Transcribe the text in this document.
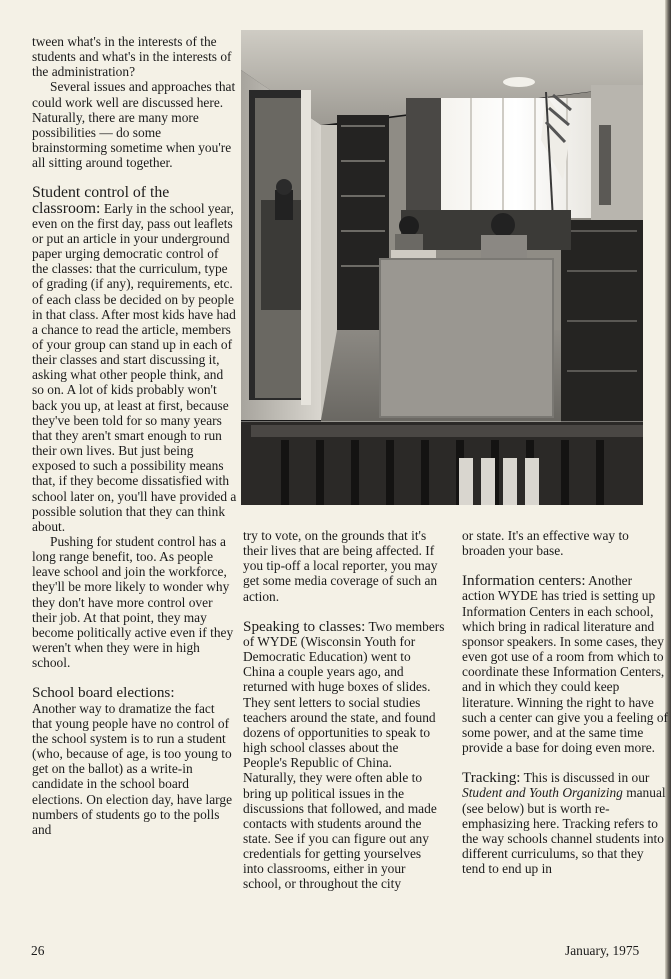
tween what's in the interests of the students and what's in the interests of the administration?

Several issues and approaches that could work well are discussed here. Naturally, there are many more possibilities — do some brainstorming sometime when you're all sitting around together.

Student control of the classroom: Early in the school year, even on the first day, pass out leaflets or put an article in your underground paper urging democratic control of the classes: that the curriculum, type of grading (if any), requirements, etc. of each class be decided on by people in that class. After most kids have had a chance to read the article, members of your group can stand up in each of their classes and start discussing it, asking what other people think, and so on. A lot of kids probably won't back you up, at least at first, because they've been told for so many years that they aren't smart enough to run their own lives. But just being exposed to such a possibility means that, if they become dissatisfied with school later on, you'll have provided a possible solution that they can think about.

Pushing for student control has a long range benefit, too. As people leave school and join the workforce, they'll be more likely to wonder why they don't have more control over their job. At that point, they may become politically active even if they weren't when they were in high school.

School board elections:
Another way to dramatize the fact that young people have no control of the school system is to run a student (who, because of age, is too young to get on the ballot) as a write-in candidate in the school board elections. On election day, have large numbers of students go to the polls and

try to vote, on the grounds that it's their lives that are being affected. If you tip-off a local reporter, you may get some media coverage of such an action.

Speaking to classes: Two members of WYDE (Wisconsin Youth for Democratic Education) went to China a couple years ago, and returned with huge boxes of slides. They sent letters to social studies teachers around the state, and found dozens of opportunities to speak to high school classes about the People's Republic of China. Naturally, they were often able to bring up political issues in the discussions that followed, and made contacts with students around the state. See if you can figure out any credentials for getting yourselves into classrooms, either in your school, or throughout the city

or state. It's an effective way to broaden your base.

Information centers: Another action WYDE has tried is setting up Information Centers in each school, which bring in radical literature and sponsor speakers. In some cases, they even got use of a room from which to coordinate these Information Centers, and in which they could keep literature. Winning the right to have such a center can give you a feeling of some power, and at the same time provide a base for doing even more.

Tracking: This is discussed in our Student and Youth Organizing manual (see below) but is worth re-emphasizing here. Tracking refers to the way schools channel students into different curriculums, so that they tend to end up in

26	January, 1975
